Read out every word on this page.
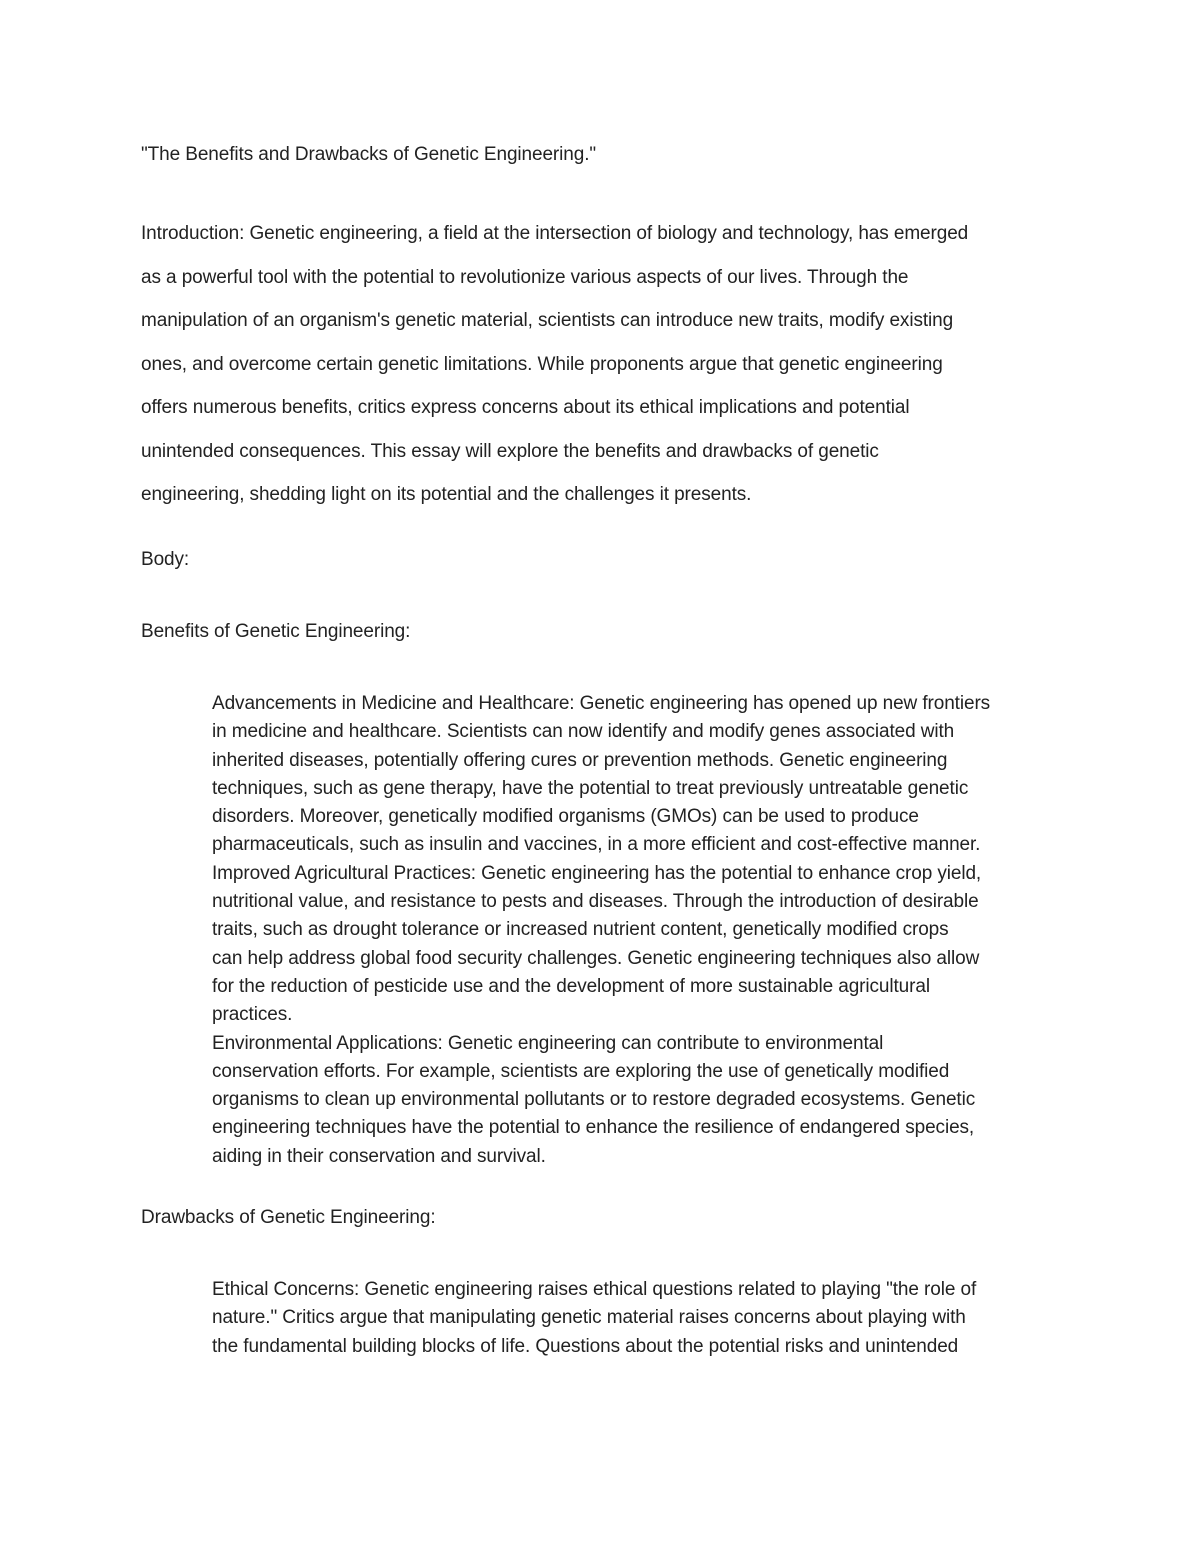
"The Benefits and Drawbacks of Genetic Engineering."

Introduction: Genetic engineering, a field at the intersection of biology and technology, has emerged
as a powerful tool with the potential to revolutionize various aspects of our lives. Through the
manipulation of an organism's genetic material, scientists can introduce new traits, modify existing
ones, and overcome certain genetic limitations. While proponents argue that genetic engineering
offers numerous benefits, critics express concerns about its ethical implications and potential
unintended consequences. This essay will explore the benefits and drawbacks of genetic
engineering, shedding light on its potential and the challenges it presents.

Body:

Benefits of Genetic Engineering:

Advancements in Medicine and Healthcare: Genetic engineering has opened up new frontiers
in medicine and healthcare. Scientists can now identify and modify genes associated with
inherited diseases, potentially offering cures or prevention methods. Genetic engineering
techniques, such as gene therapy, have the potential to treat previously untreatable genetic
disorders. Moreover, genetically modified organisms (GMOs) can be used to produce
pharmaceuticals, such as insulin and vaccines, in a more efficient and cost-effective manner.
Improved Agricultural Practices: Genetic engineering has the potential to enhance crop yield,
nutritional value, and resistance to pests and diseases. Through the introduction of desirable
traits, such as drought tolerance or increased nutrient content, genetically modified crops
can help address global food security challenges. Genetic engineering techniques also allow
for the reduction of pesticide use and the development of more sustainable agricultural
practices.
Environmental Applications: Genetic engineering can contribute to environmental
conservation efforts. For example, scientists are exploring the use of genetically modified
organisms to clean up environmental pollutants or to restore degraded ecosystems. Genetic
engineering techniques have the potential to enhance the resilience of endangered species,
aiding in their conservation and survival.

Drawbacks of Genetic Engineering:

Ethical Concerns: Genetic engineering raises ethical questions related to playing "the role of
nature." Critics argue that manipulating genetic material raises concerns about playing with
the fundamental building blocks of life. Questions about the potential risks and unintended
